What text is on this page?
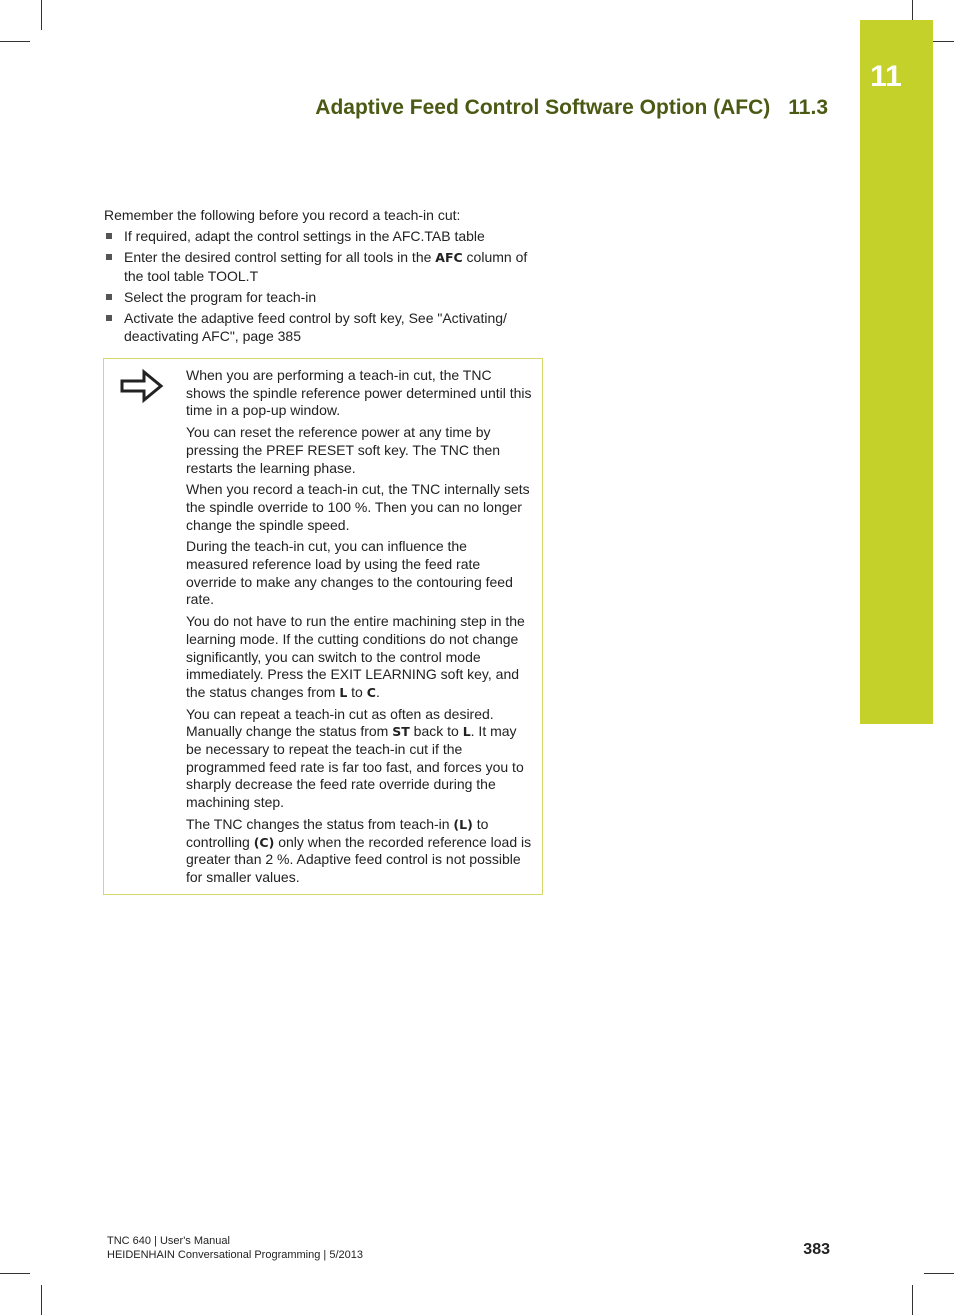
11
Adaptive Feed Control Software Option (AFC) 11.3

Remember the following before you record a teach-in cut:

If required, adapt the control settings in the AFC.TAB table
Enter the desired control setting for all tools in the AFC column of the tool table TOOL.T
Select the program for teach-in
Activate the adaptive feed control by soft key, See "Activating/ deactivating AFC", page 385

When you are performing a teach-in cut, the TNC shows the spindle reference power determined until this time in a pop-up window.

You can reset the reference power at any time by pressing the PREF RESET soft key. The TNC then restarts the learning phase.

When you record a teach-in cut, the TNC internally sets the spindle override to 100 %. Then you can no longer change the spindle speed.

During the teach-in cut, you can influence the measured reference load by using the feed rate override to make any changes to the contouring feed rate.

You do not have to run the entire machining step in the learning mode. If the cutting conditions do not change significantly, you can switch to the control mode immediately. Press the EXIT LEARNING soft key, and the status changes from L to C.

You can repeat a teach-in cut as often as desired. Manually change the status from ST back to L. It may be necessary to repeat the teach-in cut if the programmed feed rate is far too fast, and forces you to sharply decrease the feed rate override during the machining step.

The TNC changes the status from teach-in (L) to controlling (C) only when the recorded reference load is greater than 2 %. Adaptive feed control is not possible for smaller values.

TNC 640 | User's Manual
HEIDENHAIN Conversational Programming | 5/2013	383
